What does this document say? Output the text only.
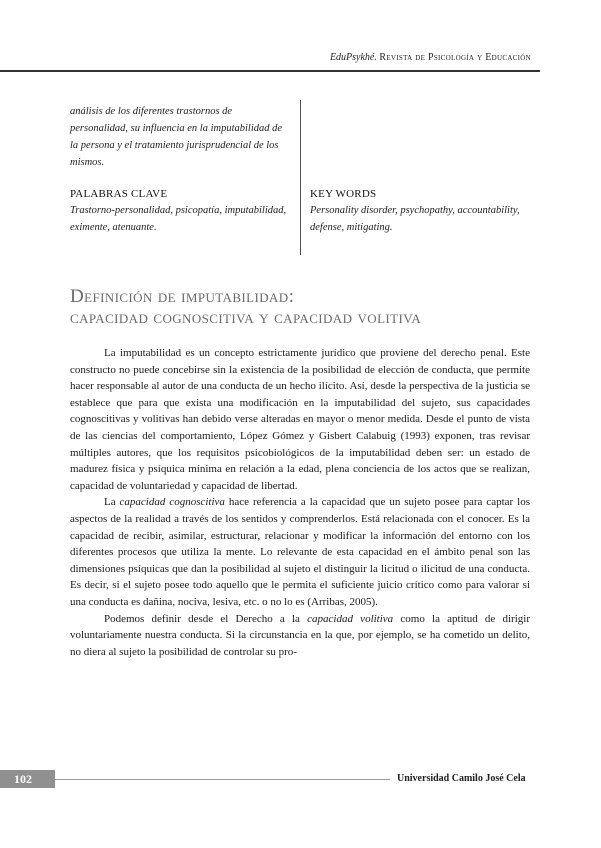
EduPsykhé. Revista de Psicología y Educación
análisis de los diferentes trastornos de personalidad, su influencia en la imputabilidad de la persona y el tratamiento jurisprudencial de los mismos.
PALABRAS CLAVE
Trastorno-personalidad, psicopatía, imputabilidad, eximente, atenuante.
KEY WORDS
Personality disorder, psychopathy, accountability, defense, mitigating.
Definición de imputabilidad:
capacidad cognoscitiva y capacidad volitiva

La imputabilidad es un concepto estrictamente jurídico que proviene del derecho penal. Este constructo no puede concebirse sin la existencia de la posibilidad de elección de conducta, que permite hacer responsable al autor de una conducta de un hecho ilícito. Así, desde la perspectiva de la justicia se establece que para que exista una modificación en la imputabilidad del sujeto, sus capacidades cognoscitivas y volitivas han debido verse alteradas en mayor o menor medida. Desde el punto de vista de las ciencias del comportamiento, López Gómez y Gisbert Calabuig (1993) exponen, tras revisar múltiples autores, que los requisitos psicobiológicos de la imputabilidad deben ser: un estado de madurez física y psíquica mínima en relación a la edad, plena conciencia de los actos que se realizan, capacidad de voluntariedad y capacidad de libertad.

La capacidad cognoscitiva hace referencia a la capacidad que un sujeto posee para captar los aspectos de la realidad a través de los sentidos y comprenderlos. Está relacionada con el conocer. Es la capacidad de recibir, asimilar, estructurar, relacionar y modificar la información del entorno con los diferentes procesos que utiliza la mente. Lo relevante de esta capacidad en el ámbito penal son las dimensiones psíquicas que dan la posibilidad al sujeto el distinguir la licitud o ilicitud de una conducta. Es decir, si el sujeto posee todo aquello que le permita el suficiente juicio crítico como para valorar si una conducta es dañina, nociva, lesiva, etc. o no lo es (Arribas, 2005).

Podemos definir desde el Derecho a la capacidad volitiva como la aptitud de dirigir voluntariamente nuestra conducta. Si la circunstancia en la que, por ejemplo, se ha cometido un delito, no diera al sujeto la posibilidad de controlar su pro-

102	Universidad Camilo José Cela
